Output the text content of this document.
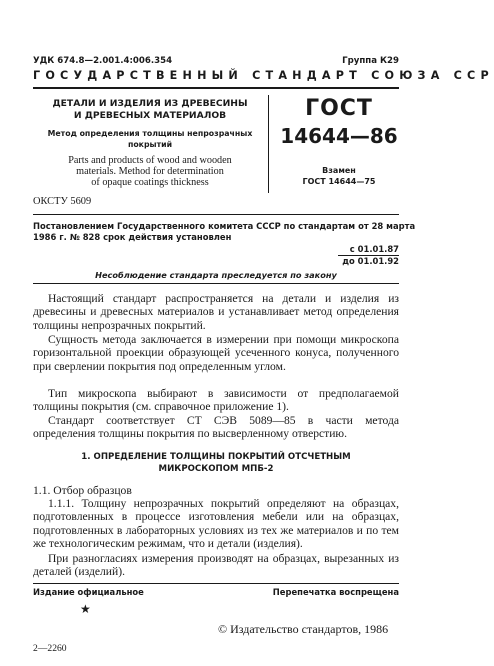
УДК 674.8—2.001.4:006.354	Группа К29
ГОСУДАРСТВЕННЫЙ СТАНДАРТ СОЮЗА ССР
ДЕТАЛИ И ИЗДЕЛИЯ ИЗ ДРЕВЕСИНЫ
И ДРЕВЕСНЫХ МАТЕРИАЛОВ
Метод определения толщины непрозрачных
покрытий
Parts and products of wood and wooden
materials. Method for determination
of opaque coatings thickness
ГОСТ
14644—86
Взамен
ГОСТ 14644—75
ОКСТУ 5609
Постановлением Государственного комитета СССР по стандартам от 28 марта
1986 г. № 828 срок действия установлен
с 01.01.87
до 01.01.92
Несоблюдение стандарта преследуется по закону
Настоящий стандарт распространяется на детали и изделия из древесины и древесных материалов и устанавливает метод определения толщины непрозрачных покрытий.
Сущность метода заключается в измерении при помощи микроскопа горизонтальной проекции образующей усеченного конуса, полученного при сверлении покрытия под определенным углом.
Тип микроскопа выбирают в зависимости от предполагаемой толщины покрытия (см. справочное приложение 1).
Стандарт соответствует СТ СЭВ 5089—85 в части метода определения толщины покрытия по высверленному отверстию.
1. ОПРЕДЕЛЕНИЕ ТОЛЩИНЫ ПОКРЫТИЙ ОТСЧЕТНЫМ
МИКРОСКОПОМ МПБ-2
1.1. Отбор образцов
1.1.1. Толщину непрозрачных покрытий определяют на образцах, подготовленных в процессе изготовления мебели или на образцах, подготовленных в лабораторных условиях из тех же материалов и по тем же технологическим режимам, что и детали (изделия).
При разногласиях измерения производят на образцах, вырезанных из деталей (изделий).
Издание официальное	Перепечатка воспрещена
★
© Издательство стандартов, 1986
2—2260
